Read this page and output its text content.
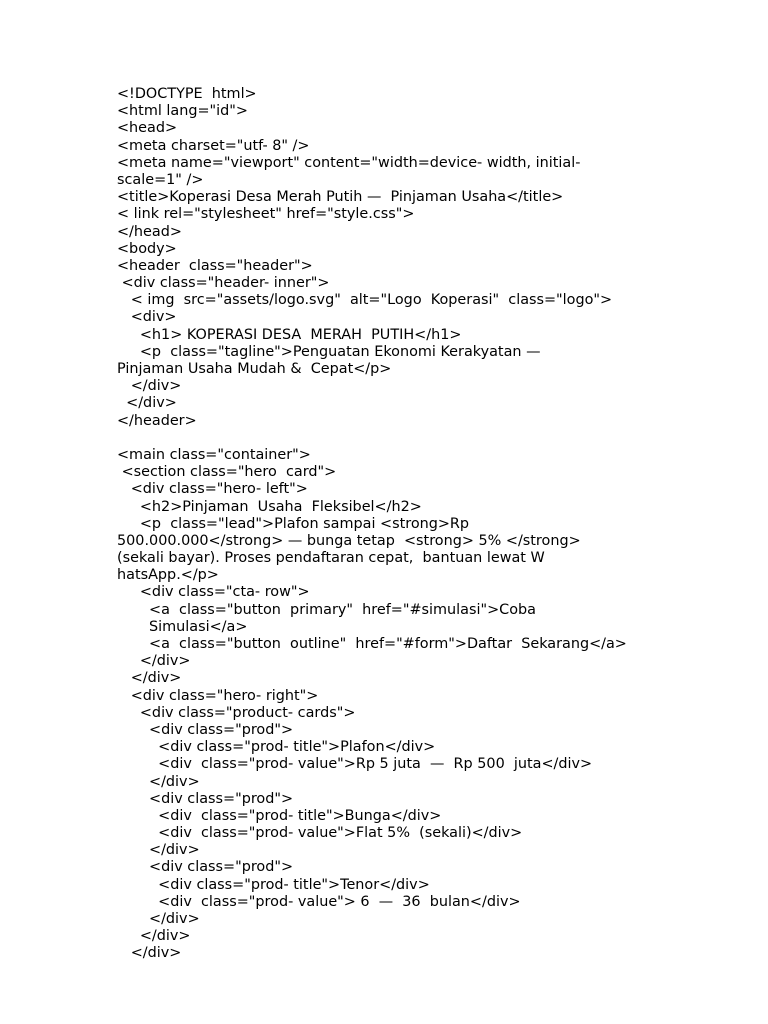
<!DOCTYPE  html>
<html lang="id">
<head>
<meta charset="utf- 8" />
<meta name="viewport" content="width=device- width, initial-
scale=1" />
<title>Koperasi Desa Merah Putih —  Pinjaman Usaha</title>
< link rel="stylesheet" href="style.css">
</head>
<body>
<header  class="header">
<div class="header- inner">
< img  src="assets/logo.svg"  alt="Logo  Koperasi"  class="logo">
<div>
<h1> KOPERASI DESA  MERAH  PUTIH</h1>
<p  class="tagline">Penguatan Ekonomi Kerakyatan —
Pinjaman Usaha Mudah &  Cepat</p>
</div>
</div>
</header>
<main class="container">
<section class="hero  card">
<div class="hero- left">
<h2>Pinjaman  Usaha  Fleksibel</h2>
<p  class="lead">Plafon sampai <strong>Rp
500.000.000</strong> — bunga tetap  <strong> 5% </strong>
(sekali bayar). Proses pendaftaran cepat,  bantuan lewat W
hatsApp.</p>
<div class="cta- row">
<a  class="button  primary"  href="#simulasi">Coba
Simulasi</a>
<a  class="button  outline"  href="#form">Daftar  Sekarang</a>
</div>
</div>
<div class="hero- right">
<div class="product- cards">
<div class="prod">
<div class="prod- title">Plafon</div>
<div  class="prod- value">Rp 5 juta  —  Rp 500  juta</div>
</div>
<div class="prod">
<div  class="prod- title">Bunga</div>
<div  class="prod- value">Flat 5%  (sekali)</div>
</div>
<div class="prod">
<div class="prod- title">Tenor</div>
<div  class="prod- value"> 6  —  36  bulan</div>
</div>
</div>
</div>
